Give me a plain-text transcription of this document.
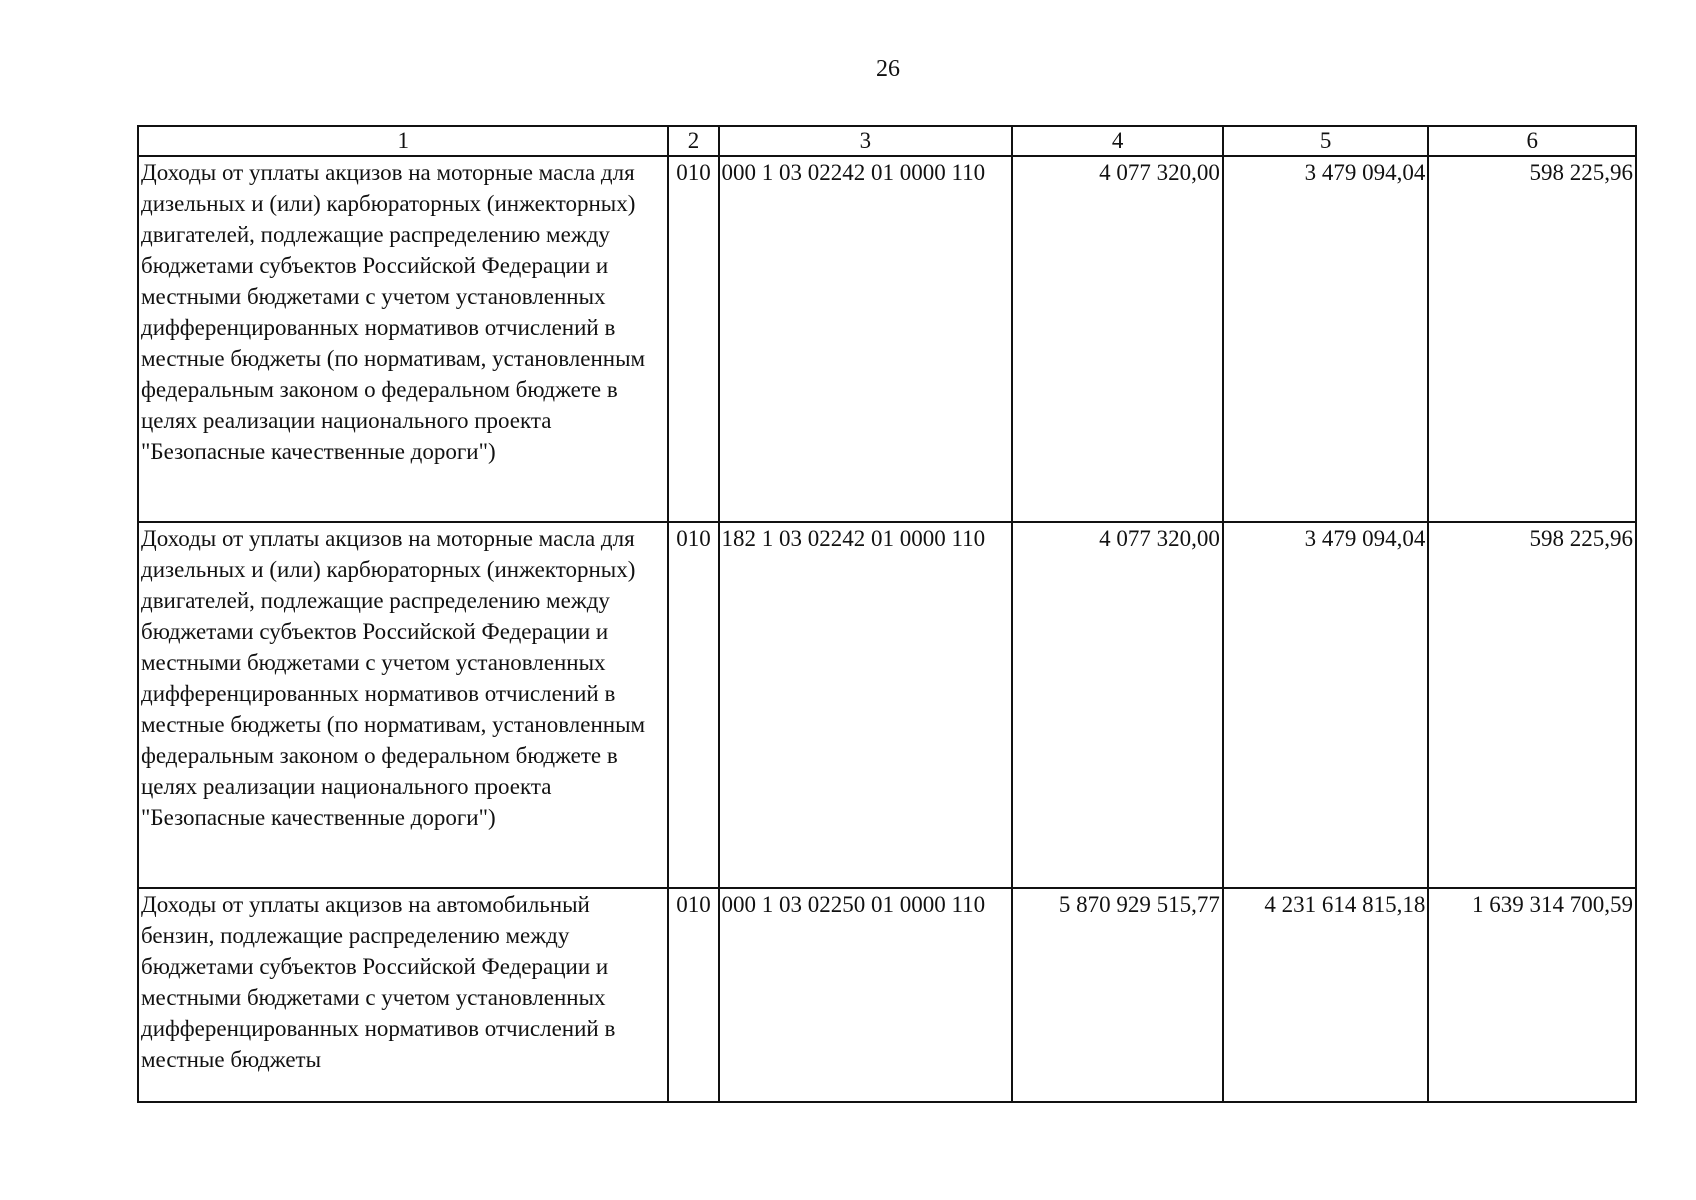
26
1	2	3	4	5	6
Доходы от уплаты акцизов на моторные масла для дизельных и (или) карбюраторных (инжекторных) двигателей, подлежащие распределению между бюджетами субъектов Российской Федерации и местными бюджетами с учетом установленных дифференцированных нормативов отчислений в местные бюджеты (по нормативам, установленным федеральным законом о федеральном бюджете в целях реализации национального проекта "Безопасные качественные дороги")	010	000 1 03 02242 01 0000 110	4 077 320,00	3 479 094,04	598 225,96
Доходы от уплаты акцизов на моторные масла для дизельных и (или) карбюраторных (инжекторных) двигателей, подлежащие распределению между бюджетами субъектов Российской Федерации и местными бюджетами с учетом установленных дифференцированных нормативов отчислений в местные бюджеты (по нормативам, установленным федеральным законом о федеральном бюджете в целях реализации национального проекта "Безопасные качественные дороги")	010	182 1 03 02242 01 0000 110	4 077 320,00	3 479 094,04	598 225,96
Доходы от уплаты акцизов на автомобильный бензин, подлежащие распределению между бюджетами субъектов Российской Федерации и местными бюджетами с учетом установленных дифференцированных нормативов отчислений в местные бюджеты	010	000 1 03 02250 01 0000 110	5 870 929 515,77	4 231 614 815,18	1 639 314 700,59
